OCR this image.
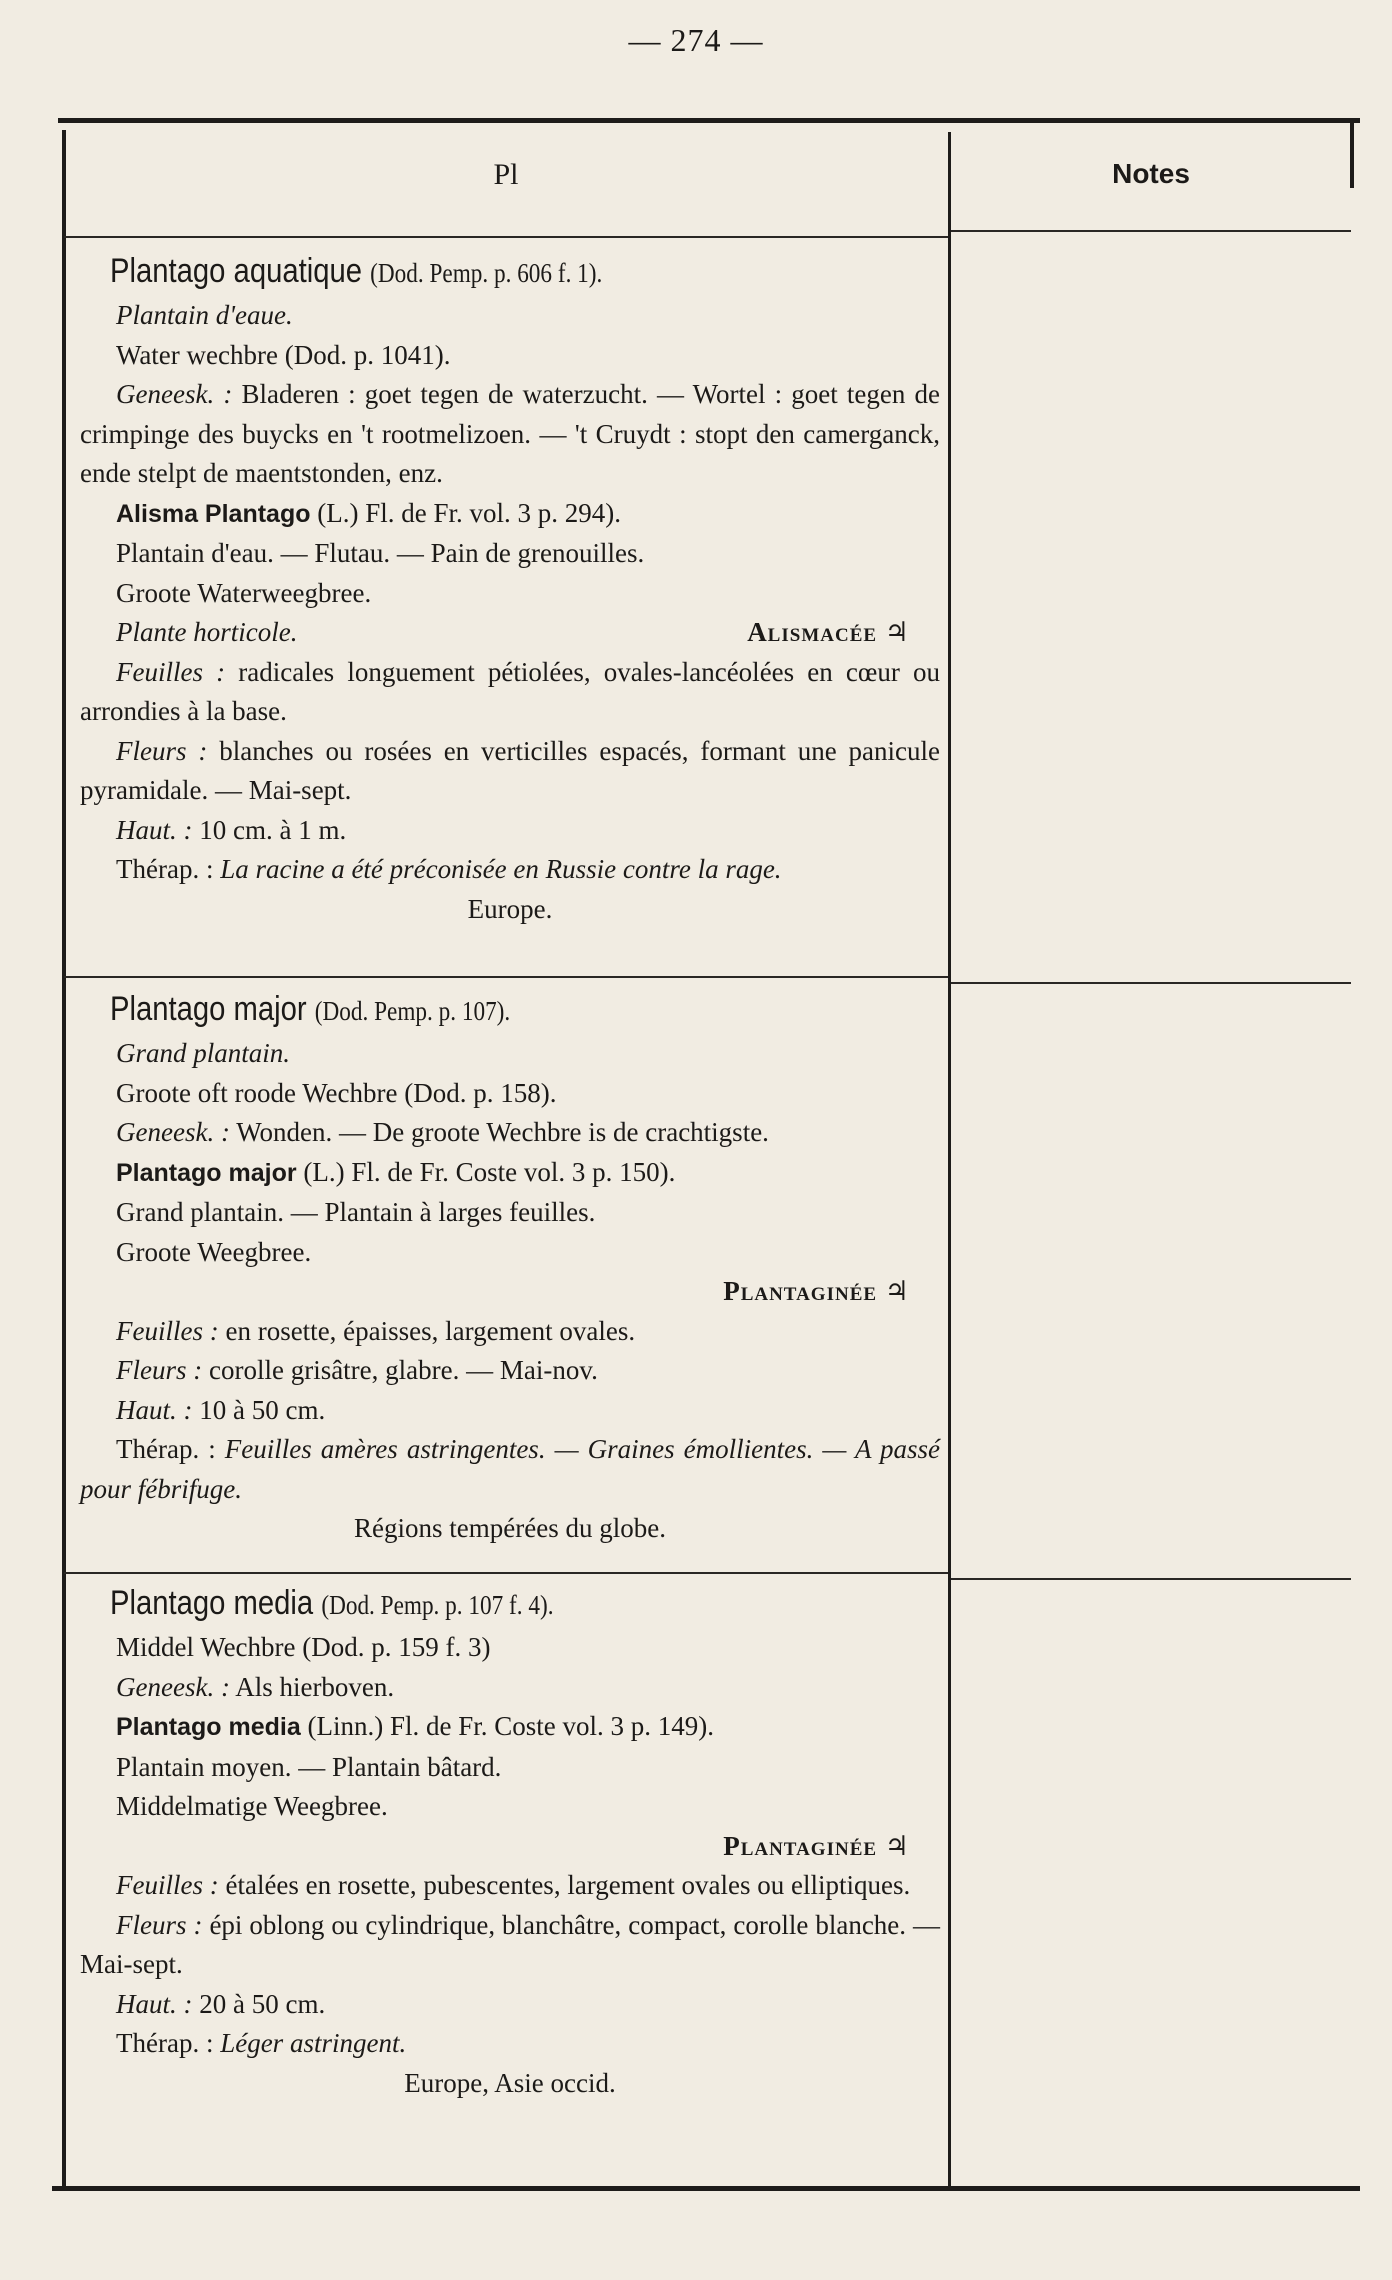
— 274 —
Pl	Notes

Plantago aquatique (Dod. Pemp. p. 606 f. 1).

Plantain d'eaue.

Water wechbre (Dod. p. 1041).

Geneesk. : Bladeren : goet tegen de waterzucht. — Wortel : goet tegen de crimpinge des buycks en 't rootmelizoen. — 't Cruydt : stopt den camerganck, ende stelpt de maentstonden, enz.

Alisma Plantago (L.) Fl. de Fr. vol. 3 p. 294).

Plantain d'eau. — Flutau. — Pain de grenouilles.

Groote Waterweegbree.

Plante horticole.	Alismacée ♃

Feuilles : radicales longuement pétiolées, ovales-lancéolées en cœur ou arrondies à la base.

Fleurs : blanches ou rosées en verticilles espacés, formant une panicule pyramidale. — Mai-sept.

Haut. : 10 cm. à 1 m.

Thérap. : La racine a été préconisée en Russie contre la rage.

Europe.

Plantago major (Dod. Pemp. p. 107).

Grand plantain.

Groote oft roode Wechbre (Dod. p. 158).

Geneesk. : Wonden. — De groote Wechbre is de crachtigste.

Plantago major (L.) Fl. de Fr. Coste vol. 3 p. 150).

Grand plantain. — Plantain à larges feuilles.

Groote Weegbree.

Plantaginée ♃

Feuilles : en rosette, épaisses, largement ovales.

Fleurs : corolle grisâtre, glabre. — Mai-nov.

Haut. : 10 à 50 cm.

Thérap. : Feuilles amères astringentes. — Graines émollientes. — A passé pour fébrifuge.

Régions tempérées du globe.

Plantago media (Dod. Pemp. p. 107 f. 4).

Middel Wechbre (Dod. p. 159 f. 3)

Geneesk. : Als hierboven.

Plantago media (Linn.) Fl. de Fr. Coste vol. 3 p. 149).

Plantain moyen. — Plantain bâtard.

Middelmatige Weegbree.

Plantaginée ♃

Feuilles : étalées en rosette, pubescentes, largement ovales ou elliptiques.

Fleurs : épi oblong ou cylindrique, blanchâtre, compact, corolle blanche. — Mai-sept.

Haut. : 20 à 50 cm.

Thérap. : Léger astringent.

Europe, Asie occid.
